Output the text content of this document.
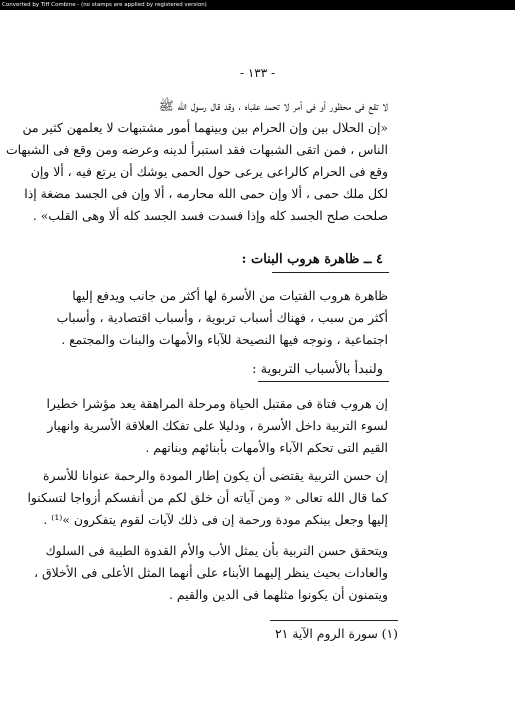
Converted by Tiff Combine - (no stamps are applied by registered version)
- ١٣٣ -
لا تقع فى محظور أو فى أمر لا تحمد عقباه ، وقد قال رسول الله ﷺ
«إن الحلال بين وإن الحرام بين وبينهما أمور مشتبهات لا يعلمهن كثير من
الناس ، فمن اتقى الشبهات فقد استبرأ لدينه وعرضه ومن وقع فى الشبهات
وقع فى الحرام كالراعى يرعى حول الحمى يوشك أن يرتع فيه ، ألا وإن
لكل ملك حمى ، ألا وإن حمى الله محارمه ، ألا وإن فى الجسد مضغة إذا
صلحت صلح الجسد كله وإذا فسدت فسد الجسد كله ألا وهى القلب» .
٤ ــ ظاهرة هروب البنات :
ظاهرة هروب الفتيات من الأسرة لها أكثر من جانب ويدفع إليها
أكثر من سبب ، فهناك أسباب تربوية ، وأسباب اقتصادية ، وأسباب
اجتماعية ، ونوجه فيها النصيحة للآباء والأمهات والبنات والمجتمع .
ولنبدأ بالأسباب التربوية :
إن هروب فتاة فى مقتبل الحياة ومرحلة المراهقة يعد مؤشرا خطيرا
لسوء التربية داخل الأسرة ، ودليلا على تفكك العلاقة الأسرية وانهيار
القيم التى تحكم الآباء والأمهات بأبنائهم وبناتهم .
إن حسن التربية يقتضى أن يكون إطار المودة والرحمة عنوانا للأسرة
كما قال الله تعالى « ومن آياته أن خلق لكم من أنفسكم أزواجا لتسكنوا
إليها وجعل بينكم مودة ورحمة إن فى ذلك لآيات لقوم يتفكرون »⁽¹⁾ .
ويتحقق حسن التربية بأن يمثل الأب والأم القدوة الطيبة فى السلوك
والعادات بحيث ينظر إليهما الأبناء على أنهما المثل الأعلى فى الأخلاق ،
ويتمنون أن يكونوا مثلهما فى الدين والقيم .
(١) سورة الروم الآية ٢١
